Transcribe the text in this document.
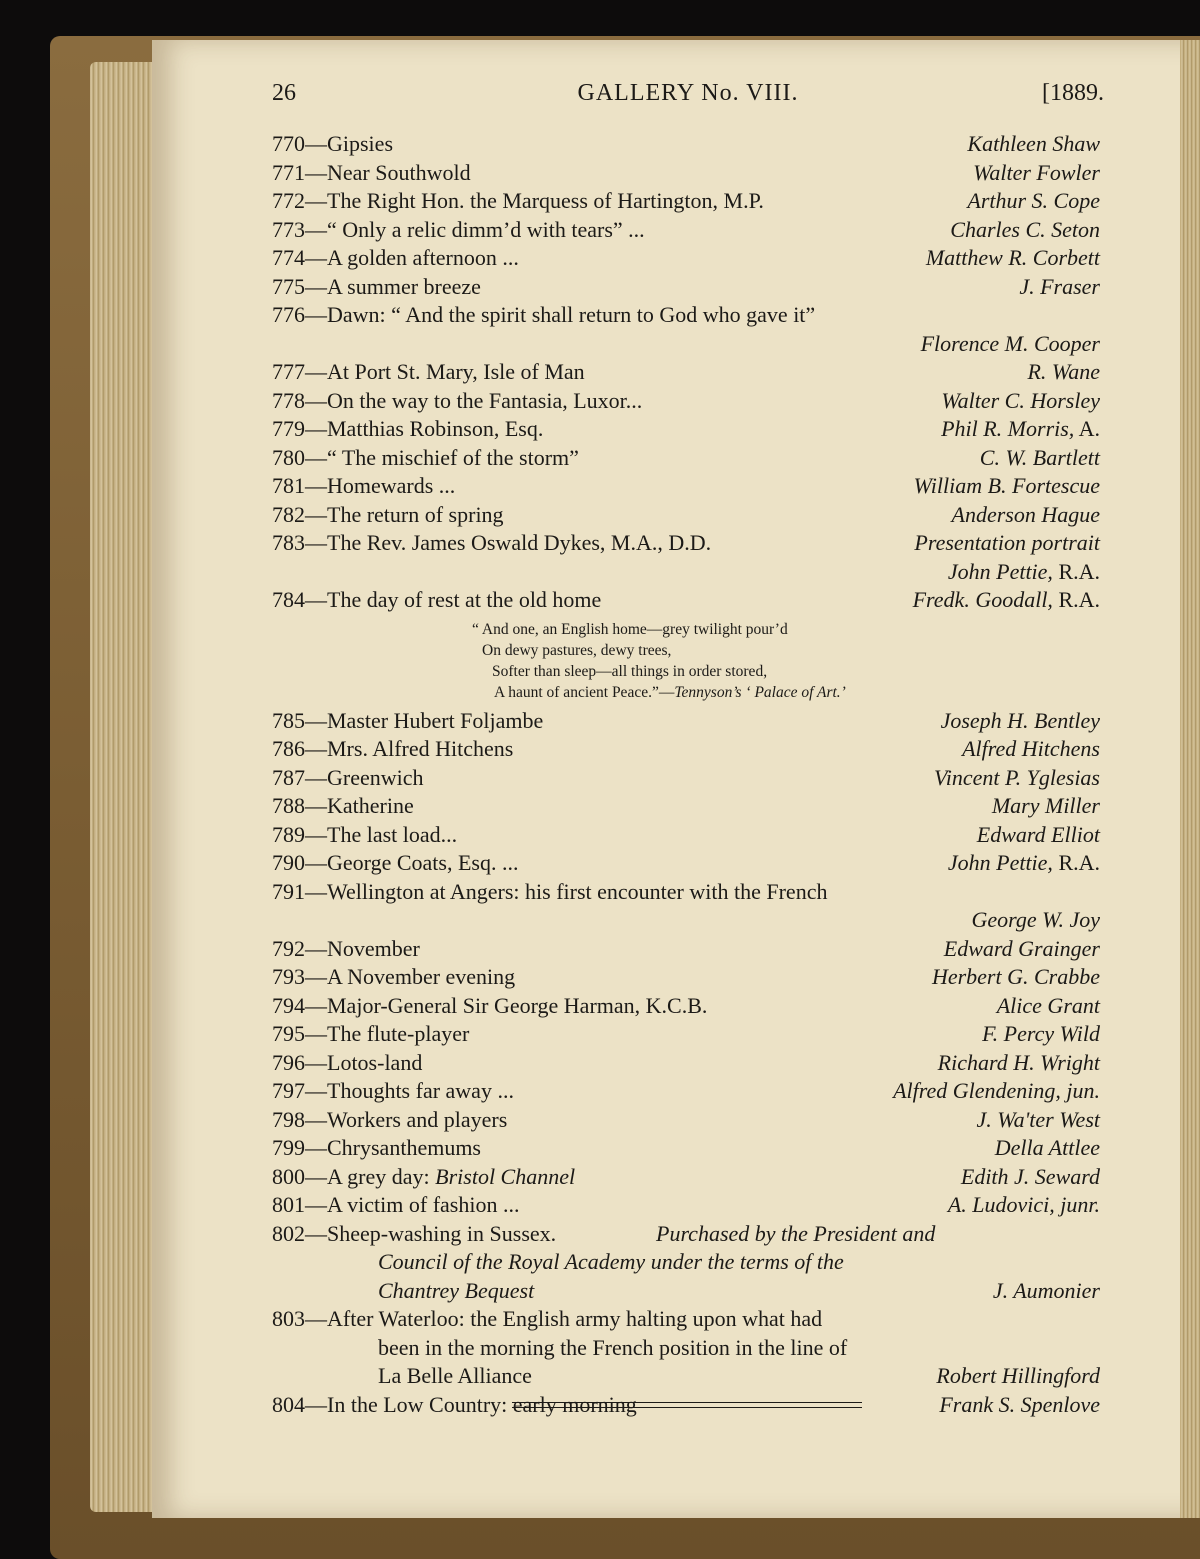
26	GALLERY No. VIII.	[1889.
770—Gipsies	Kathleen Shaw
771—Near Southwold	Walter Fowler
772—The Right Hon. the Marquess of Hartington, M.P.	Arthur S. Cope
773—“ Only a relic dimm’d with tears” ...	Charles C. Seton
774—A golden afternoon ...	Matthew R. Corbett
775—A summer breeze	J. Fraser
776—Dawn: “ And the spirit shall return to God who gave it”
Florence M. Cooper
777—At Port St. Mary, Isle of Man	R. Wane
778—On the way to the Fantasia, Luxor...	Walter C. Horsley
779—Matthias Robinson, Esq.	Phil R. Morris, A.
780—“ The mischief of the storm”	C. W. Bartlett
781—Homewards ...	William B. Fortescue
782—The return of spring	Anderson Hague
783—The Rev. James Oswald Dykes, M.A., D.D.	Presentation portrait
John Pettie, R.A.
784—The day of rest at the old home	Fredk. Goodall, R.A.
“ And one, an English home—grey twilight pour’d
On dewy pastures, dewy trees,
Softer than sleep—all things in order stored,
A haunt of ancient Peace.”—Tennyson’s ‘ Palace of Art.’
785—Master Hubert Foljambe	Joseph H. Bentley
786—Mrs. Alfred Hitchens	Alfred Hitchens
787—Greenwich	Vincent P. Yglesias
788—Katherine	Mary Miller
789—The last load...	Edward Elliot
790—George Coats, Esq. ...	John Pettie, R.A.
791—Wellington at Angers: his first encounter with the French
George W. Joy
792—November	Edward Grainger
793—A November evening	Herbert G. Crabbe
794—Major-General Sir George Harman, K.C.B.	Alice Grant
795—The flute-player	F. Percy Wild
796—Lotos-land	Richard H. Wright
797—Thoughts far away ...	Alfred Glendening, jun.
798—Workers and players	J. Wa'ter West
799—Chrysanthemums	Della Attlee
800—A grey day: Bristol Channel	Edith J. Seward
801—A victim of fashion ...	A. Ludovici, junr.
802—Sheep-washing in Sussex.	Purchased by the President and
Council of the Royal Academy under the terms of the
Chantrey Bequest	J. Aumonier
803—After Waterloo: the English army halting upon what had
been in the morning the French position in the line of
La Belle Alliance	Robert Hillingford
804—In the Low Country: early morning	Frank S. Spenlove
